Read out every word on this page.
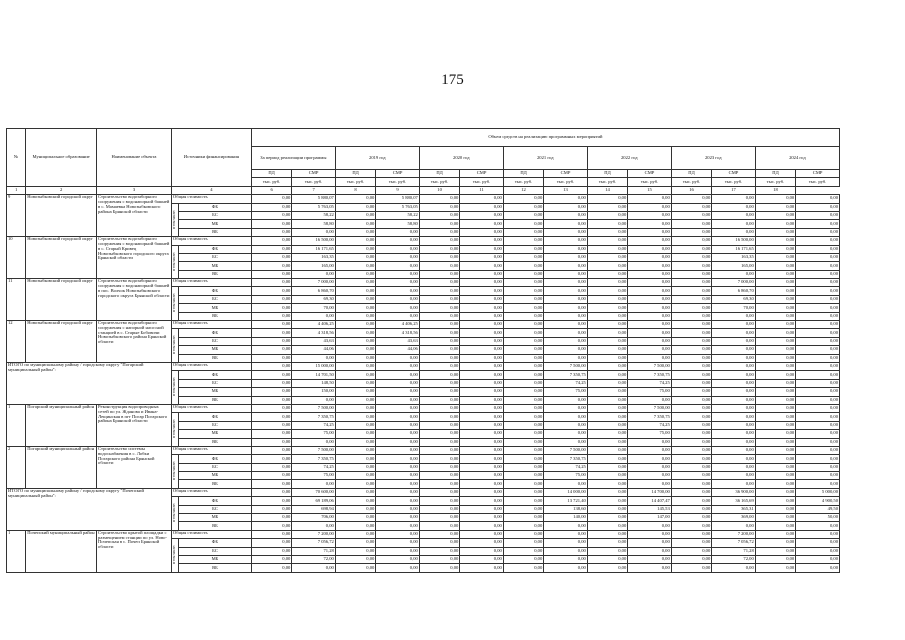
175
№	Муниципальное образование	Наименование объекта	Источники финансирования		Объем средств на реализацию программных мероприятий													
					За период реализации программы		2019 год		2020 год		2021 год		2022 год		2023 год		2024 год	
					ПД	СМР	ПД	СМР	ПД	СМР	ПД	СМР	ПД	СМР	ПД	СМР	ПД	СМР
					тыс. руб.	тыс. руб.	тыс. руб.	тыс. руб.	тыс. руб.	тыс. руб.	тыс. руб.	тыс. руб.	тыс. руб.	тыс. руб.	тыс. руб.	тыс. руб.	тыс. руб.	тыс. руб.
1	2	3	4		6	7	8	9	10	11	12	13	14	15	16	17	18	
9	Новозыбковский городской округ	Строительство водозаборного сооружения с водонапорной башней в с. Мамаевка Новозыбковского района Брянской области	Общая стоимость		0,00	5 880,07	0,00	5 880,07	0,00	0,00	0,00	0,00	0,00	0,00	0,00	0,00	0,00	0,00
			в том числе:	ФБ	0,00	5 763,05	0,00	5 763,05	0,00	0,00	0,00	0,00	0,00	0,00	0,00	0,00	0,00	0,00
				БС	0,00	58,22	0,00	58,22	0,00	0,00	0,00	0,00	0,00	0,00	0,00	0,00	0,00	0,00
				МБ	0,00	58,80	0,00	58,80	0,00	0,00	0,00	0,00	0,00	0,00	0,00	0,00	0,00	0,00
				ВБ	0,00	0,00	0,00	0,00	0,00	0,00	0,00	0,00	0,00	0,00	0,00	0,00	0,00	0,00
10	Новозыбковский городской округ	Строительство водозаборного сооружения с водонапорной башней в с. Старый Кривец Новозыбковского городского округа Брянской области	Общая стоимость		0,00	16 500,00	0,00	0,00	0,00	0,00	0,00	0,00	0,00	0,00	0,00	16 500,00	0,00	0,00
			в том числе:	ФБ	0,00	16 171,65	0,00	0,00	0,00	0,00	0,00	0,00	0,00	0,00	0,00	16 171,65	0,00	0,00
				БС	0,00	163,35	0,00	0,00	0,00	0,00	0,00	0,00	0,00	0,00	0,00	163,35	0,00	0,00
				МБ	0,00	165,00	0,00	0,00	0,00	0,00	0,00	0,00	0,00	0,00	0,00	165,00	0,00	0,00
				ВБ	0,00	0,00	0,00	0,00	0,00	0,00	0,00	0,00	0,00	0,00	0,00	0,00	0,00	0,00
11	Новозыбковский городской округ	Строительство водозаборного сооружения с водонапорной башней в пос. Волчок Новозыбковского городского округа Брянской области	Общая стоимость		0,00	7 000,00	0,00	0,00	0,00	0,00	0,00	0,00	0,00	0,00	0,00	7 000,00	0,00	0,00
			в том числе:	ФБ	0,00	6 860,70	0,00	0,00	0,00	0,00	0,00	0,00	0,00	0,00	0,00	6 860,70	0,00	0,00
				БС	0,00	69,30	0,00	0,00	0,00	0,00	0,00	0,00	0,00	0,00	0,00	69,30	0,00	0,00
				МБ	0,00	70,00	0,00	0,00	0,00	0,00	0,00	0,00	0,00	0,00	0,00	70,00	0,00	0,00
				ВБ	0,00	0,00	0,00	0,00	0,00	0,00	0,00	0,00	0,00	0,00	0,00	0,00	0,00	0,00
12	Новозыбковский городской округ	Строительство водозаборного сооружения с напорной насосной станцией в с. Старые Бобовичи Новозыбковского района Брянской области	Общая стоимость		0,00	4 406,25	0,00	4 406,25	0,00	0,00	0,00	0,00	0,00	0,00	0,00	0,00	0,00	0,00
			в том числе:	ФБ	0,00	4 318,56	0,00	4 318,56	0,00	0,00	0,00	0,00	0,00	0,00	0,00	0,00	0,00	0,00
				БС	0,00	43,63	0,00	43,63	0,00	0,00	0,00	0,00	0,00	0,00	0,00	0,00	0,00	0,00
				МБ	0,00	44,06	0,00	44,06	0,00	0,00	0,00	0,00	0,00	0,00	0,00	0,00	0,00	0,00
				ВБ	0,00	0,00	0,00	0,00	0,00	0,00	0,00	0,00	0,00	0,00	0,00	0,00	0,00	0,00
ИТОГО по муниципальному району / городскому округу "Погарский муниципальный район":			Общая стоимость		0,00	15 000,00	0,00	0,00	0,00	0,00	0,00	7 500,00	0,00	7 500,00	0,00	0,00	0,00	0,00
			в том числе:	ФБ	0,00	14 701,50	0,00	0,00	0,00	0,00	0,00	7 350,75	0,00	7 350,75	0,00	0,00	0,00	0,00
				БС	0,00	148,50	0,00	0,00	0,00	0,00	0,00	74,25	0,00	74,25	0,00	0,00	0,00	0,00
				МБ	0,00	150,00	0,00	0,00	0,00	0,00	0,00	75,00	0,00	75,00	0,00	0,00	0,00	0,00
				ВБ	0,00	0,00	0,00	0,00	0,00	0,00	0,00	0,00	0,00	0,00	0,00	0,00	0,00	0,00
1	Погарский муниципальный район	Реконструкция водопроводных сетей по ул. Жданова и Ивана-Лещинская в пгт Погар Погарского района Брянской области	Общая стоимость		0,00	7 500,00	0,00	0,00	0,00	0,00	0,00	0,00	0,00	7 500,00	0,00	0,00	0,00	0,00
			в том числе:	ФБ	0,00	7 350,75	0,00	0,00	0,00	0,00	0,00	0,00	0,00	7 350,75	0,00	0,00	0,00	0,00
				БС	0,00	74,25	0,00	0,00	0,00	0,00	0,00	0,00	0,00	74,25	0,00	0,00	0,00	0,00
				МБ	0,00	75,00	0,00	0,00	0,00	0,00	0,00	0,00	0,00	75,00	0,00	0,00	0,00	0,00
				ВБ	0,00	0,00	0,00	0,00	0,00	0,00	0,00	0,00	0,00	0,00	0,00	0,00	0,00	0,00
2	Погарский муниципальный район	Строительство системы водоснабжения в с. Лобки Погарского района Брянской области	Общая стоимость		0,00	7 500,00	0,00	0,00	0,00	0,00	0,00	7 500,00	0,00	0,00	0,00	0,00	0,00	0,00
			в том числе:	ФБ	0,00	7 350,75	0,00	0,00	0,00	0,00	0,00	7 350,75	0,00	0,00	0,00	0,00	0,00	0,00
				БС	0,00	74,25	0,00	0,00	0,00	0,00	0,00	74,25	0,00	0,00	0,00	0,00	0,00	0,00
				МБ	0,00	75,00	0,00	0,00	0,00	0,00	0,00	75,00	0,00	0,00	0,00	0,00	0,00	0,00
				ВБ	0,00	0,00	0,00	0,00	0,00	0,00	0,00	0,00	0,00	0,00	0,00	0,00	0,00	0,00
ИТОГО по муниципальному району / городскому округу "Почепский муниципальный район":			Общая стоимость		0,00	70 600,00	0,00	0,00	0,00	0,00	0,00	14 000,00	0,00	14 700,00	0,00	36 900,00	0,00	5 000,00
			в том числе:	ФБ	0,00	69 189,06	0,00	0,00	0,00	0,00	0,00	13 721,40	0,00	14 407,47	0,00	36 165,69	0,00	4 900,50
				БС	0,00	698,94	0,00	0,00	0,00	0,00	0,00	138,60	0,00	145,53	0,00	365,31	0,00	49,50
				МБ	0,00	706,00	0,00	0,00	0,00	0,00	0,00	140,00	0,00	147,00	0,00	369,00	0,00	50,00
				ВБ	0,00	0,00	0,00	0,00	0,00	0,00	0,00	0,00	0,00	0,00	0,00	0,00	0,00	0,00
1	Почепский муниципальный район	Строительство крытой площадки с размещением станции по ул. Ново-Почепская в с. Почеп Брянской области	Общая стоимость		0,00	7 200,00	0,00	0,00	0,00	0,00	0,00	0,00	0,00	0,00	0,00	7 200,00	0,00	0,00
			в том числе:	ФБ	0,00	7 056,72	0,00	0,00	0,00	0,00	0,00	0,00	0,00	0,00	0,00	7 056,72	0,00	0,00
				БС	0,00	71,28	0,00	0,00	0,00	0,00	0,00	0,00	0,00	0,00	0,00	71,28	0,00	0,00
				МБ	0,00	72,00	0,00	0,00	0,00	0,00	0,00	0,00	0,00	0,00	0,00	72,00	0,00	0,00
				ВБ	0,00	0,00	0,00	0,00	0,00	0,00	0,00	0,00	0,00	0,00	0,00	0,00	0,00	0,00
